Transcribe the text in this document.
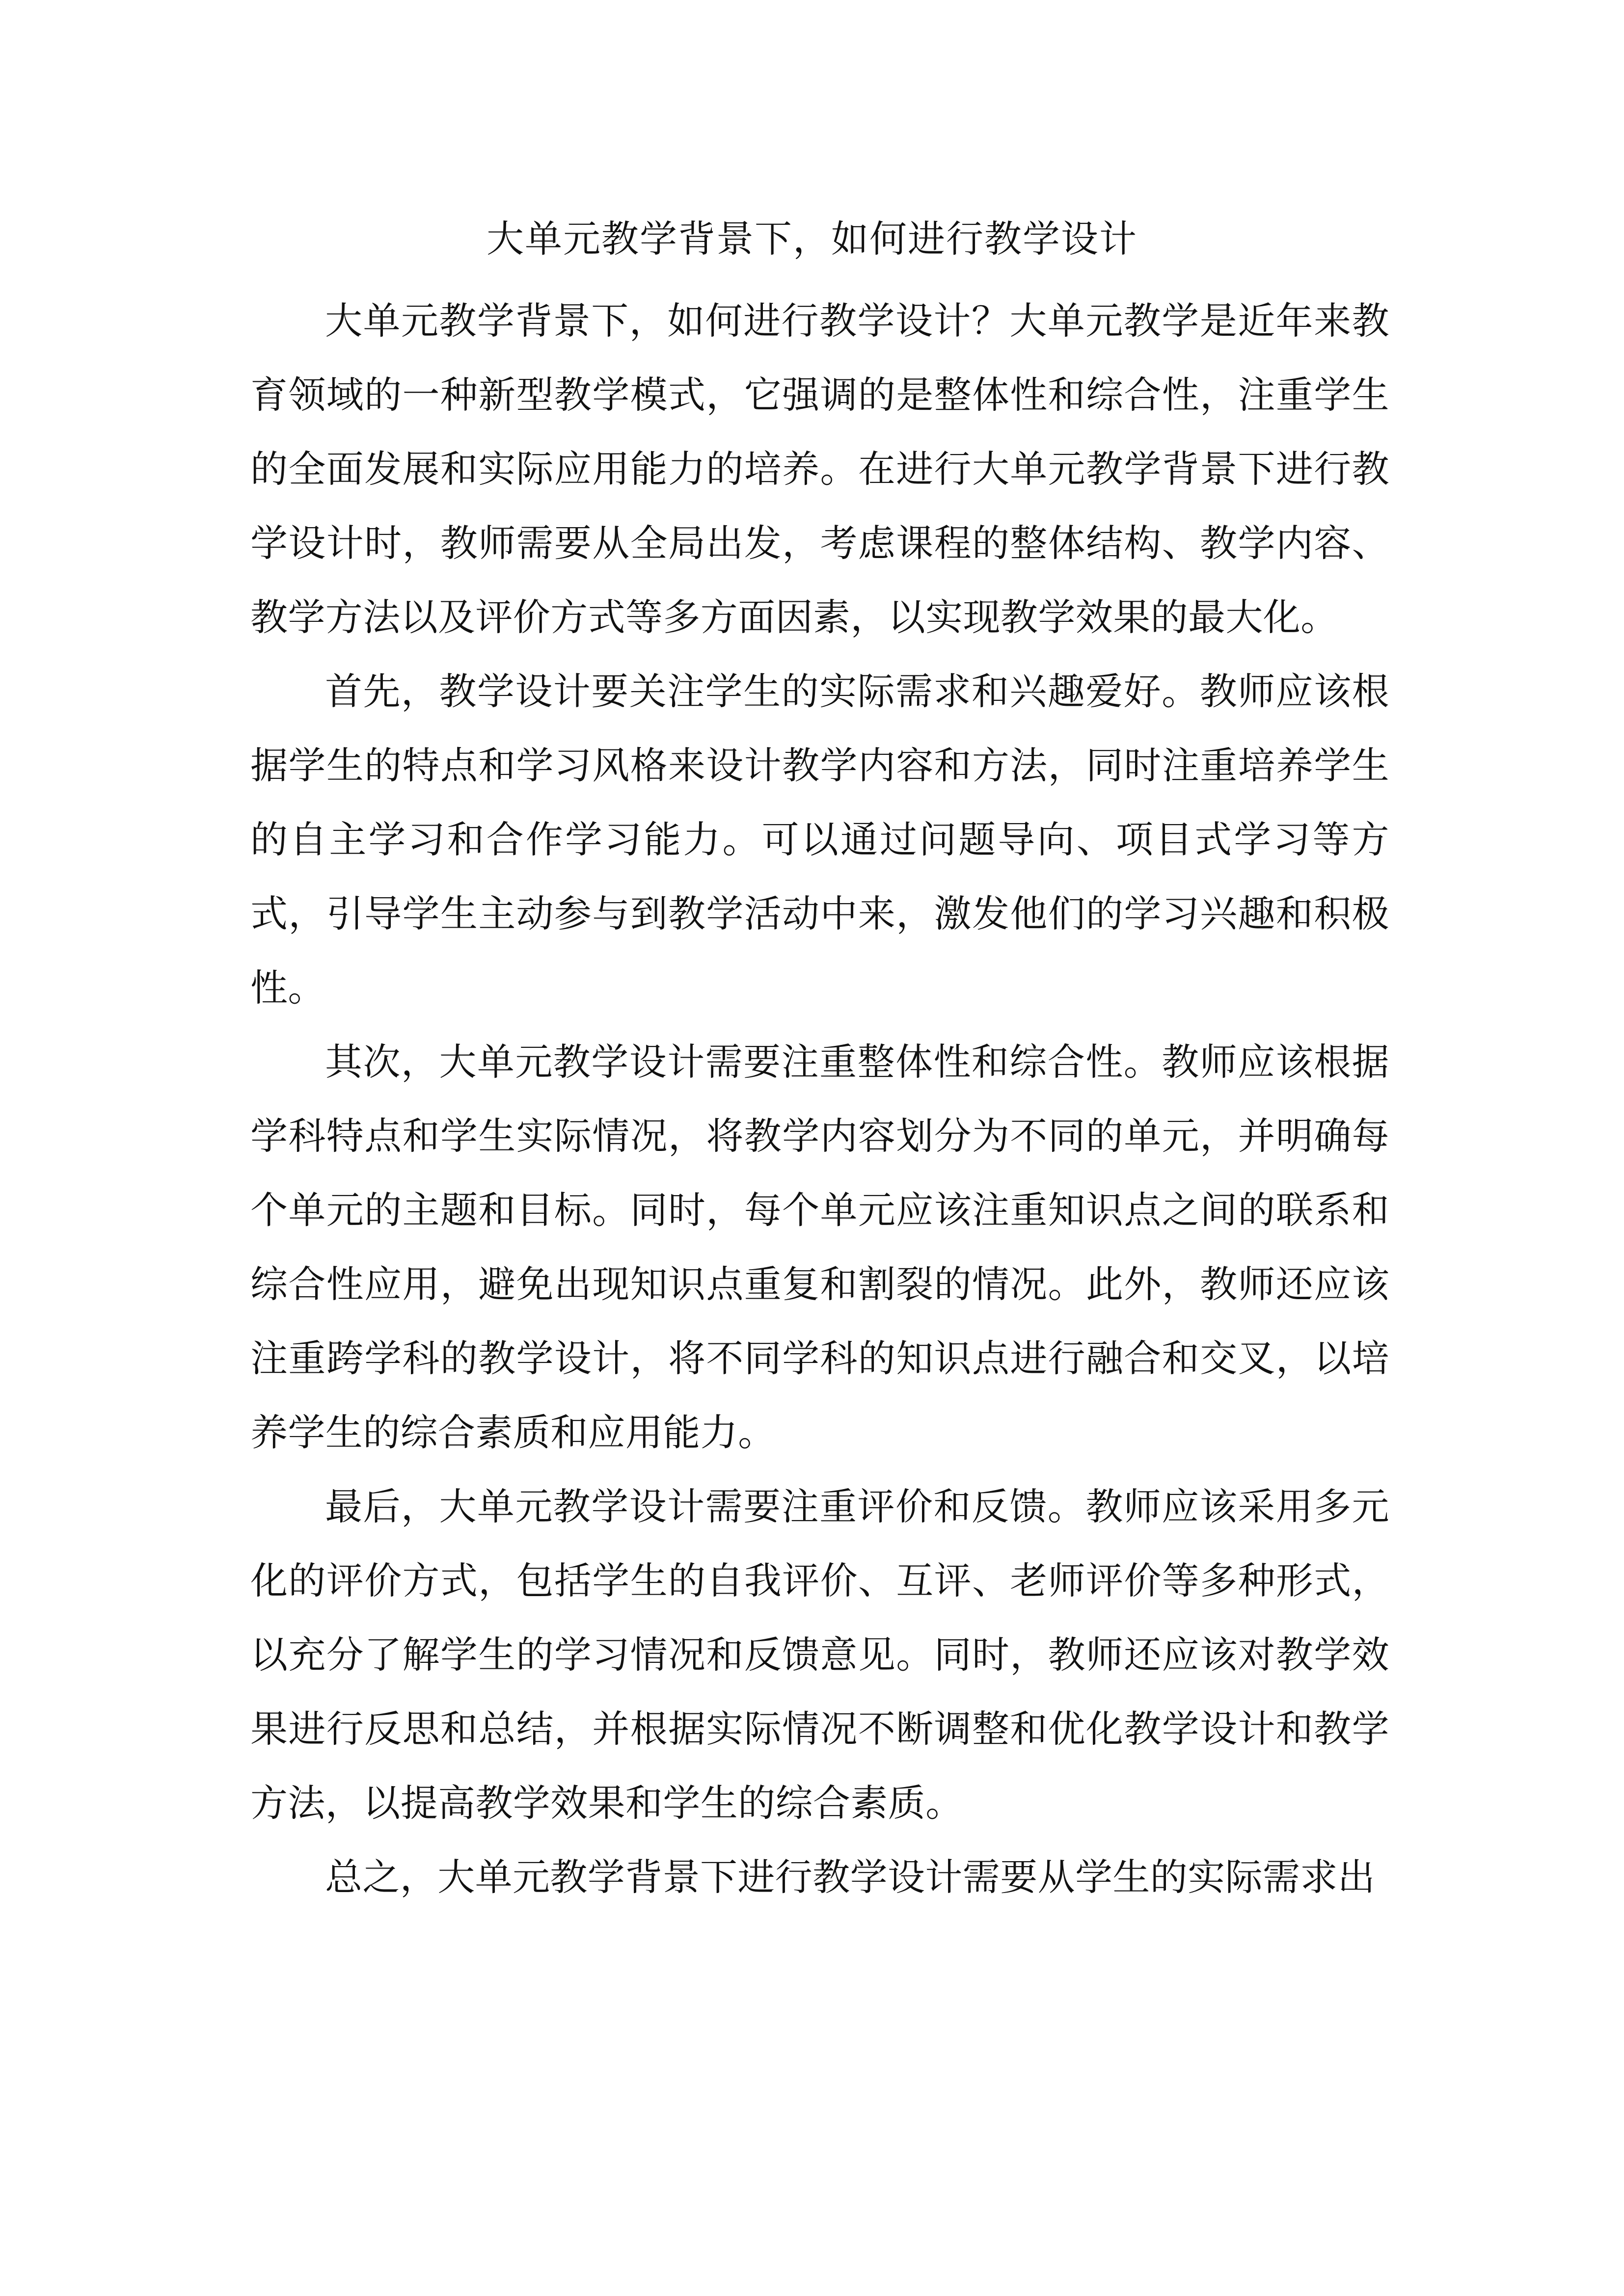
大单元教学背景下，如何进行教学设计

大单元教学背景下，如何进行教学设计？大单元教学是近年来教育领域的一种新型教学模式，它强调的是整体性和综合性，注重学生的全面发展和实际应用能力的培养。在进行大单元教学背景下进行教学设计时，教师需要从全局出发，考虑课程的整体结构、教学内容、教学方法以及评价方式等多方面因素，以实现教学效果的最大化。

首先，教学设计要关注学生的实际需求和兴趣爱好。教师应该根据学生的特点和学习风格来设计教学内容和方法，同时注重培养学生的自主学习和合作学习能力。可以通过问题导向、项目式学习等方式，引导学生主动参与到教学活动中来，激发他们的学习兴趣和积极性。

其次，大单元教学设计需要注重整体性和综合性。教师应该根据学科特点和学生实际情况，将教学内容划分为不同的单元，并明确每个单元的主题和目标。同时，每个单元应该注重知识点之间的联系和综合性应用，避免出现知识点重复和割裂的情况。此外，教师还应该注重跨学科的教学设计，将不同学科的知识点进行融合和交叉，以培养学生的综合素质和应用能力。

最后，大单元教学设计需要注重评价和反馈。教师应该采用多元化的评价方式，包括学生的自我评价、互评、老师评价等多种形式，以充分了解学生的学习情况和反馈意见。同时，教师还应该对教学效果进行反思和总结，并根据实际情况不断调整和优化教学设计和教学方法，以提高教学效果和学生的综合素质。

总之，大单元教学背景下进行教学设计需要从学生的实际需求出
